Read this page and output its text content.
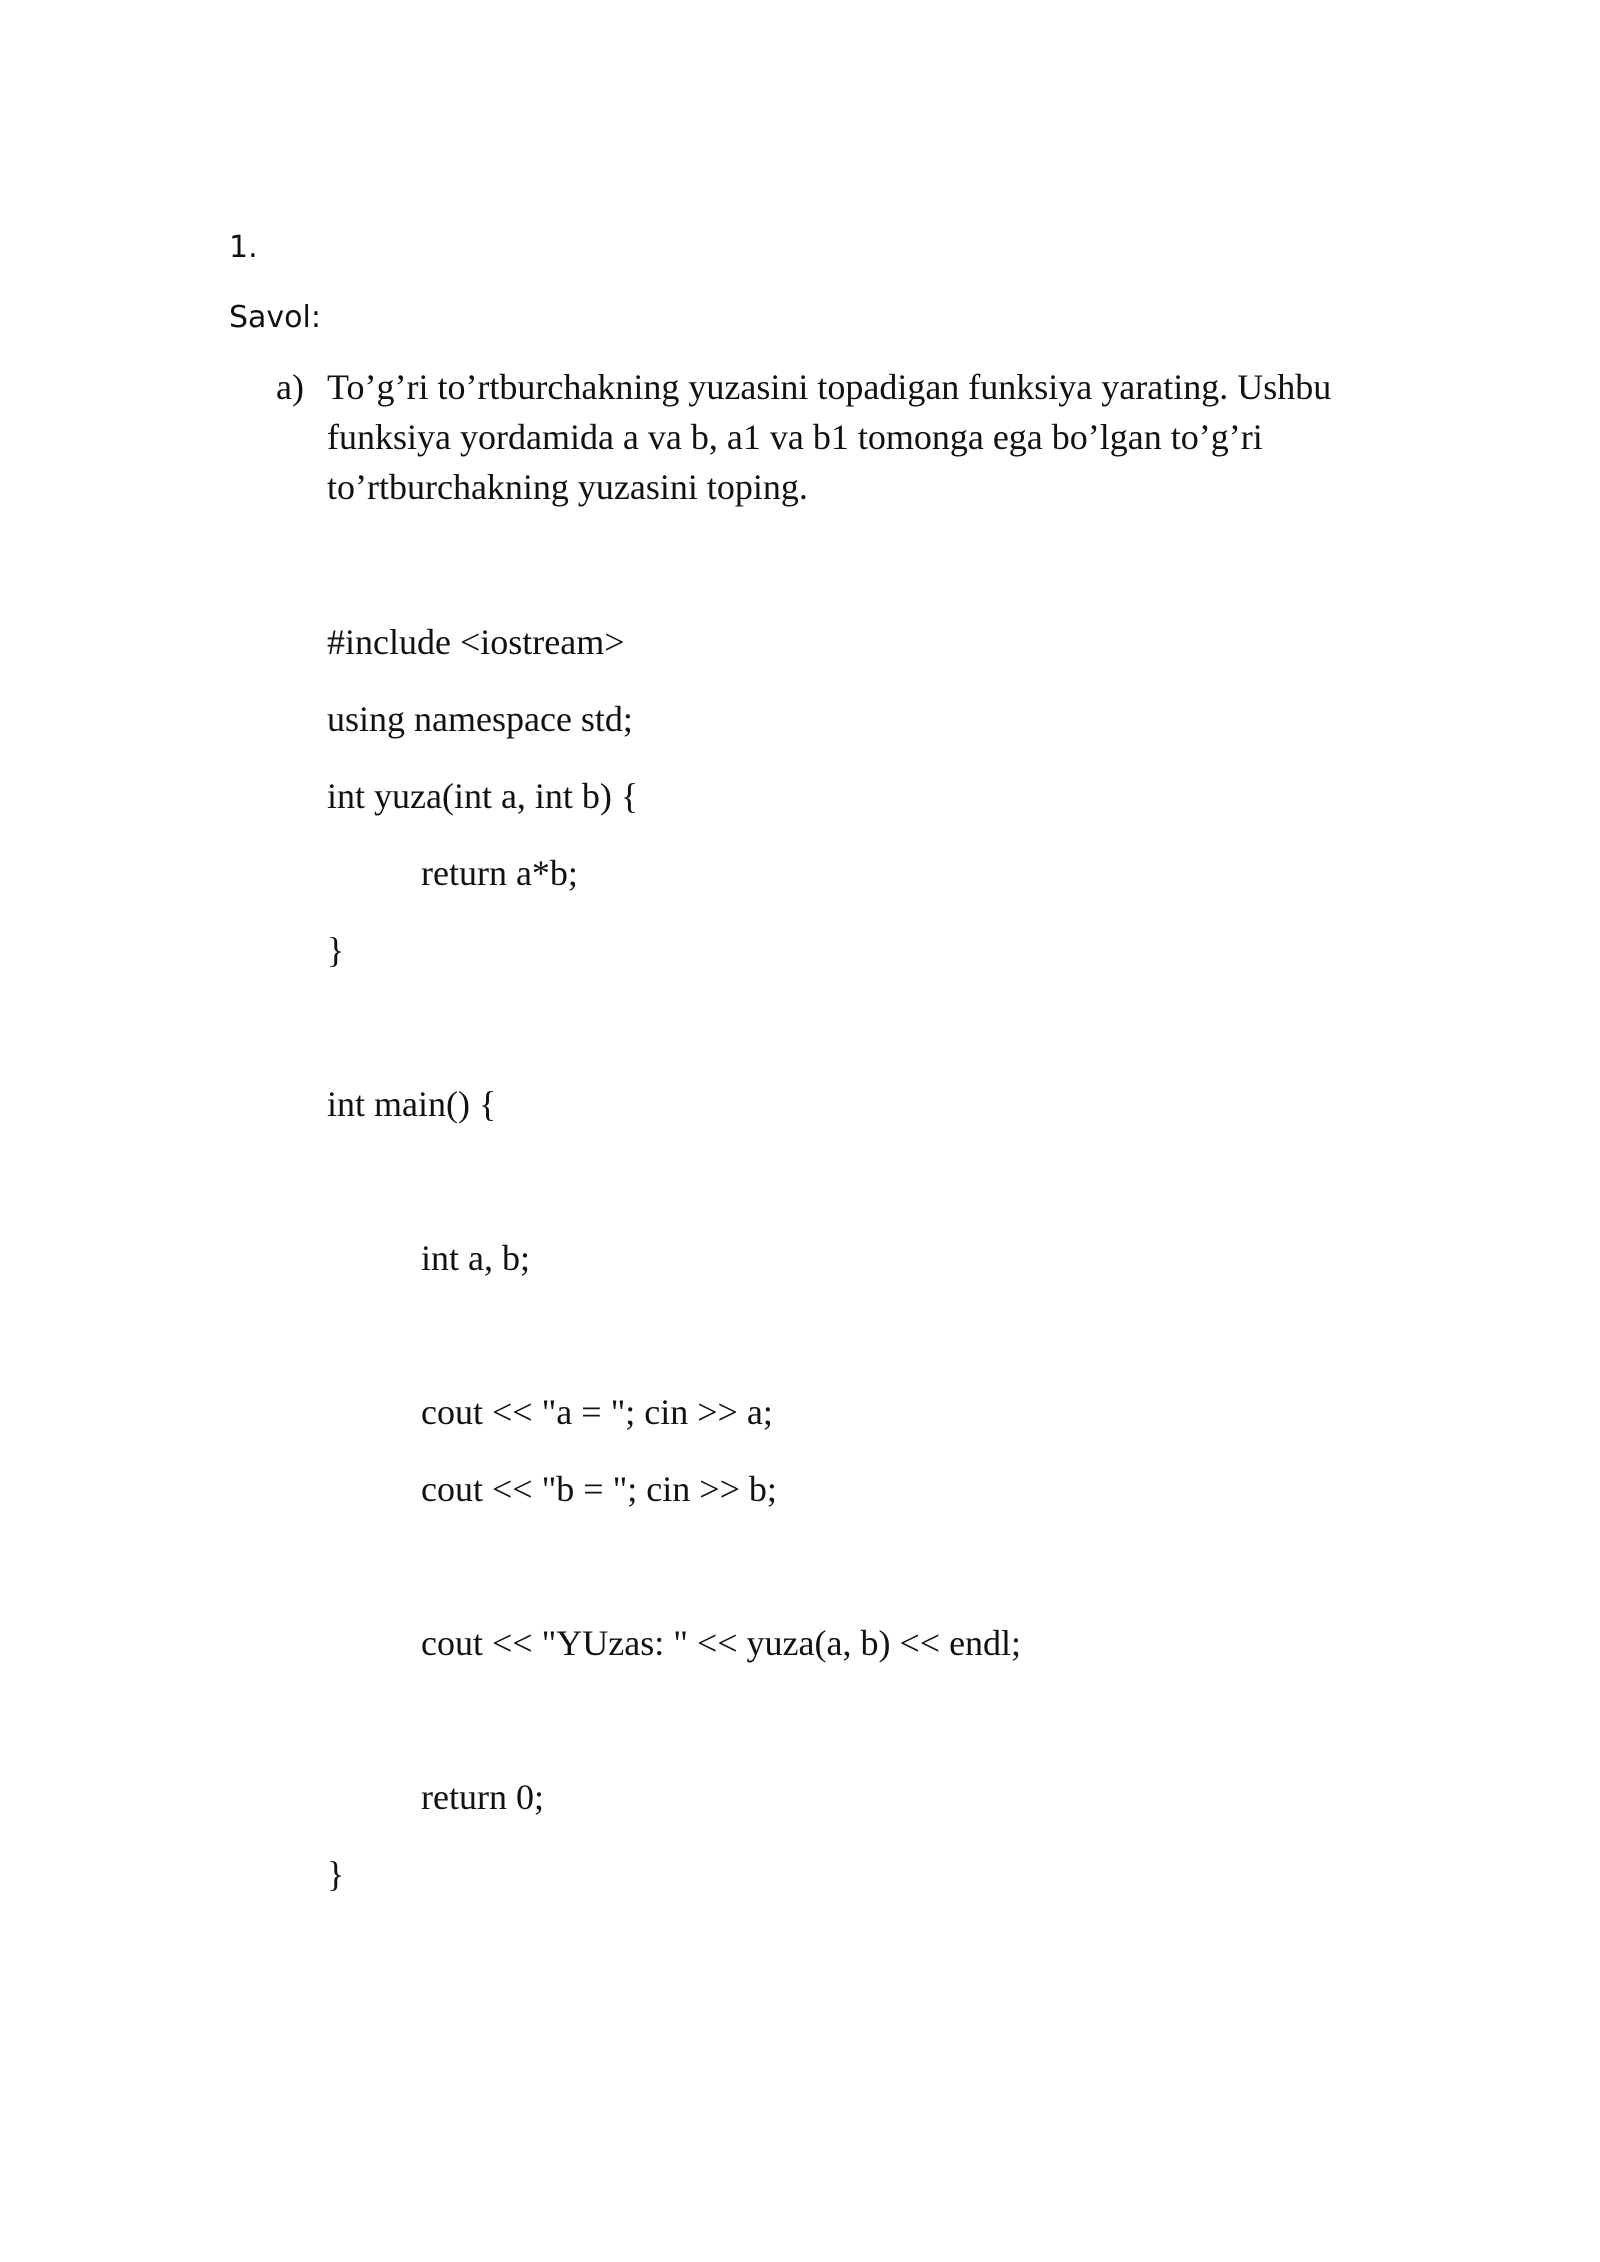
1.
Savol:
a) To’g’ri to’rtburchakning yuzasini topadigan funksiya yarating. Ushbu funksiya yordamida a va b, a1 va b1 tomonga ega bo’lgan to’g’ri to’rtburchakning yuzasini toping.
#include <iostream>
using namespace std;
int yuza(int a, int b) {
return a*b;
}
int main() {
int a, b;
cout << "a = "; cin >> a;
cout << "b = "; cin >> b;
cout << "YUzas: " << yuza(a, b) << endl;
return 0;
}
